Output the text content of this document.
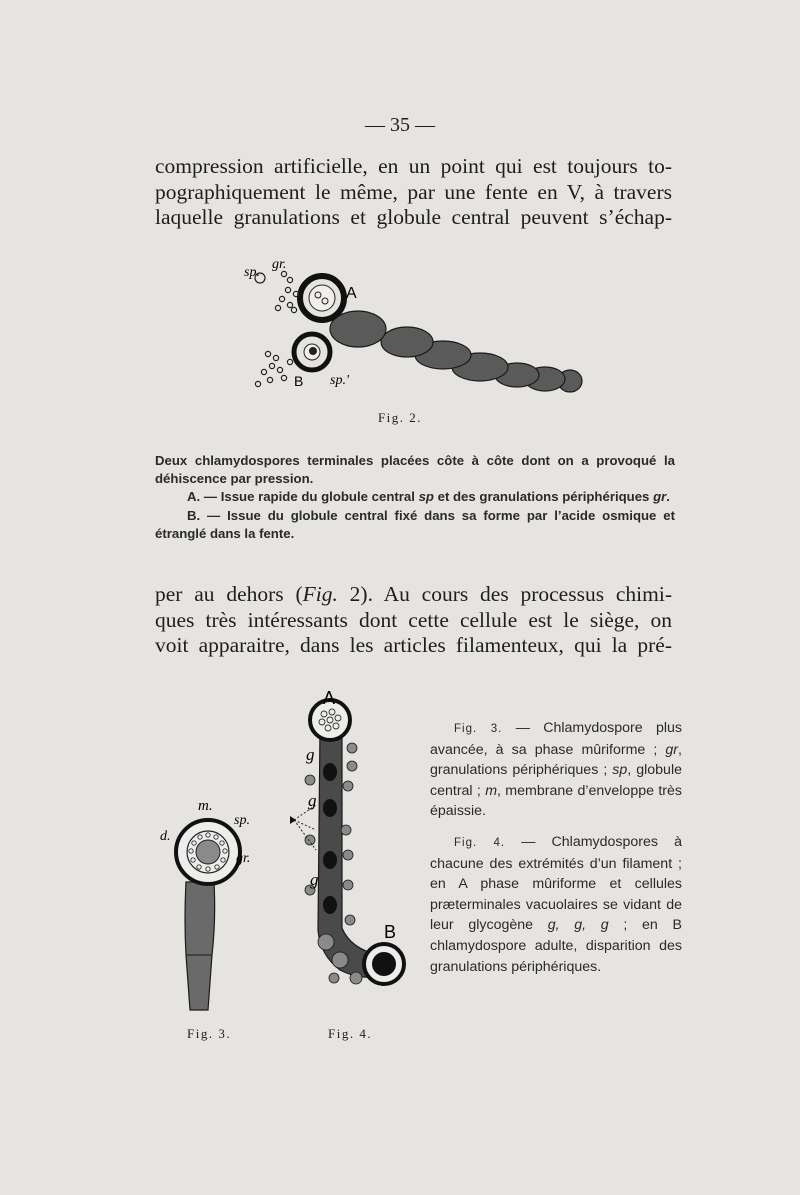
— 35 —
compression artificielle, en un point qui est toujours to-
pographiquement le même, par une fente en V, à travers
laquelle granulations et globule central peuvent s’échap-
gr.
sp.
A
B sp.'
Fig. 2.

Deux chlamydospores terminales placées côte à côte dont on a provoqué la déhiscence par pression.

A. — Issue rapide du globule central sp et des granulations périphériques gr.

B. — Issue du globule central fixé dans sa forme par l’acide osmique et étranglé dans la fente.

per au dehors (Fig. 2). Au cours des processus chimi-
ques très intéressants dont cette cellule est le siège, on
voit apparaitre, dans les articles filamenteux, qui la pré-
m.
sp.
d.
gr.
A
B
g
g
g
Fig. 3.	Fig. 4.

Fig. 3. — Chlamydospore plus avancée, à sa phase mûriforme ; gr, granulations périphériques ; sp, globule central ; m, membrane d’enveloppe très épaissie.

Fig. 4. — Chlamydospores à chacune des extrémités d’un filament ; en A phase mûriforme et cellules præterminales vacuolaires se vidant de leur glycogène g, g, g ; en B chlamydospore adulte, disparition des granulations périphériques.
